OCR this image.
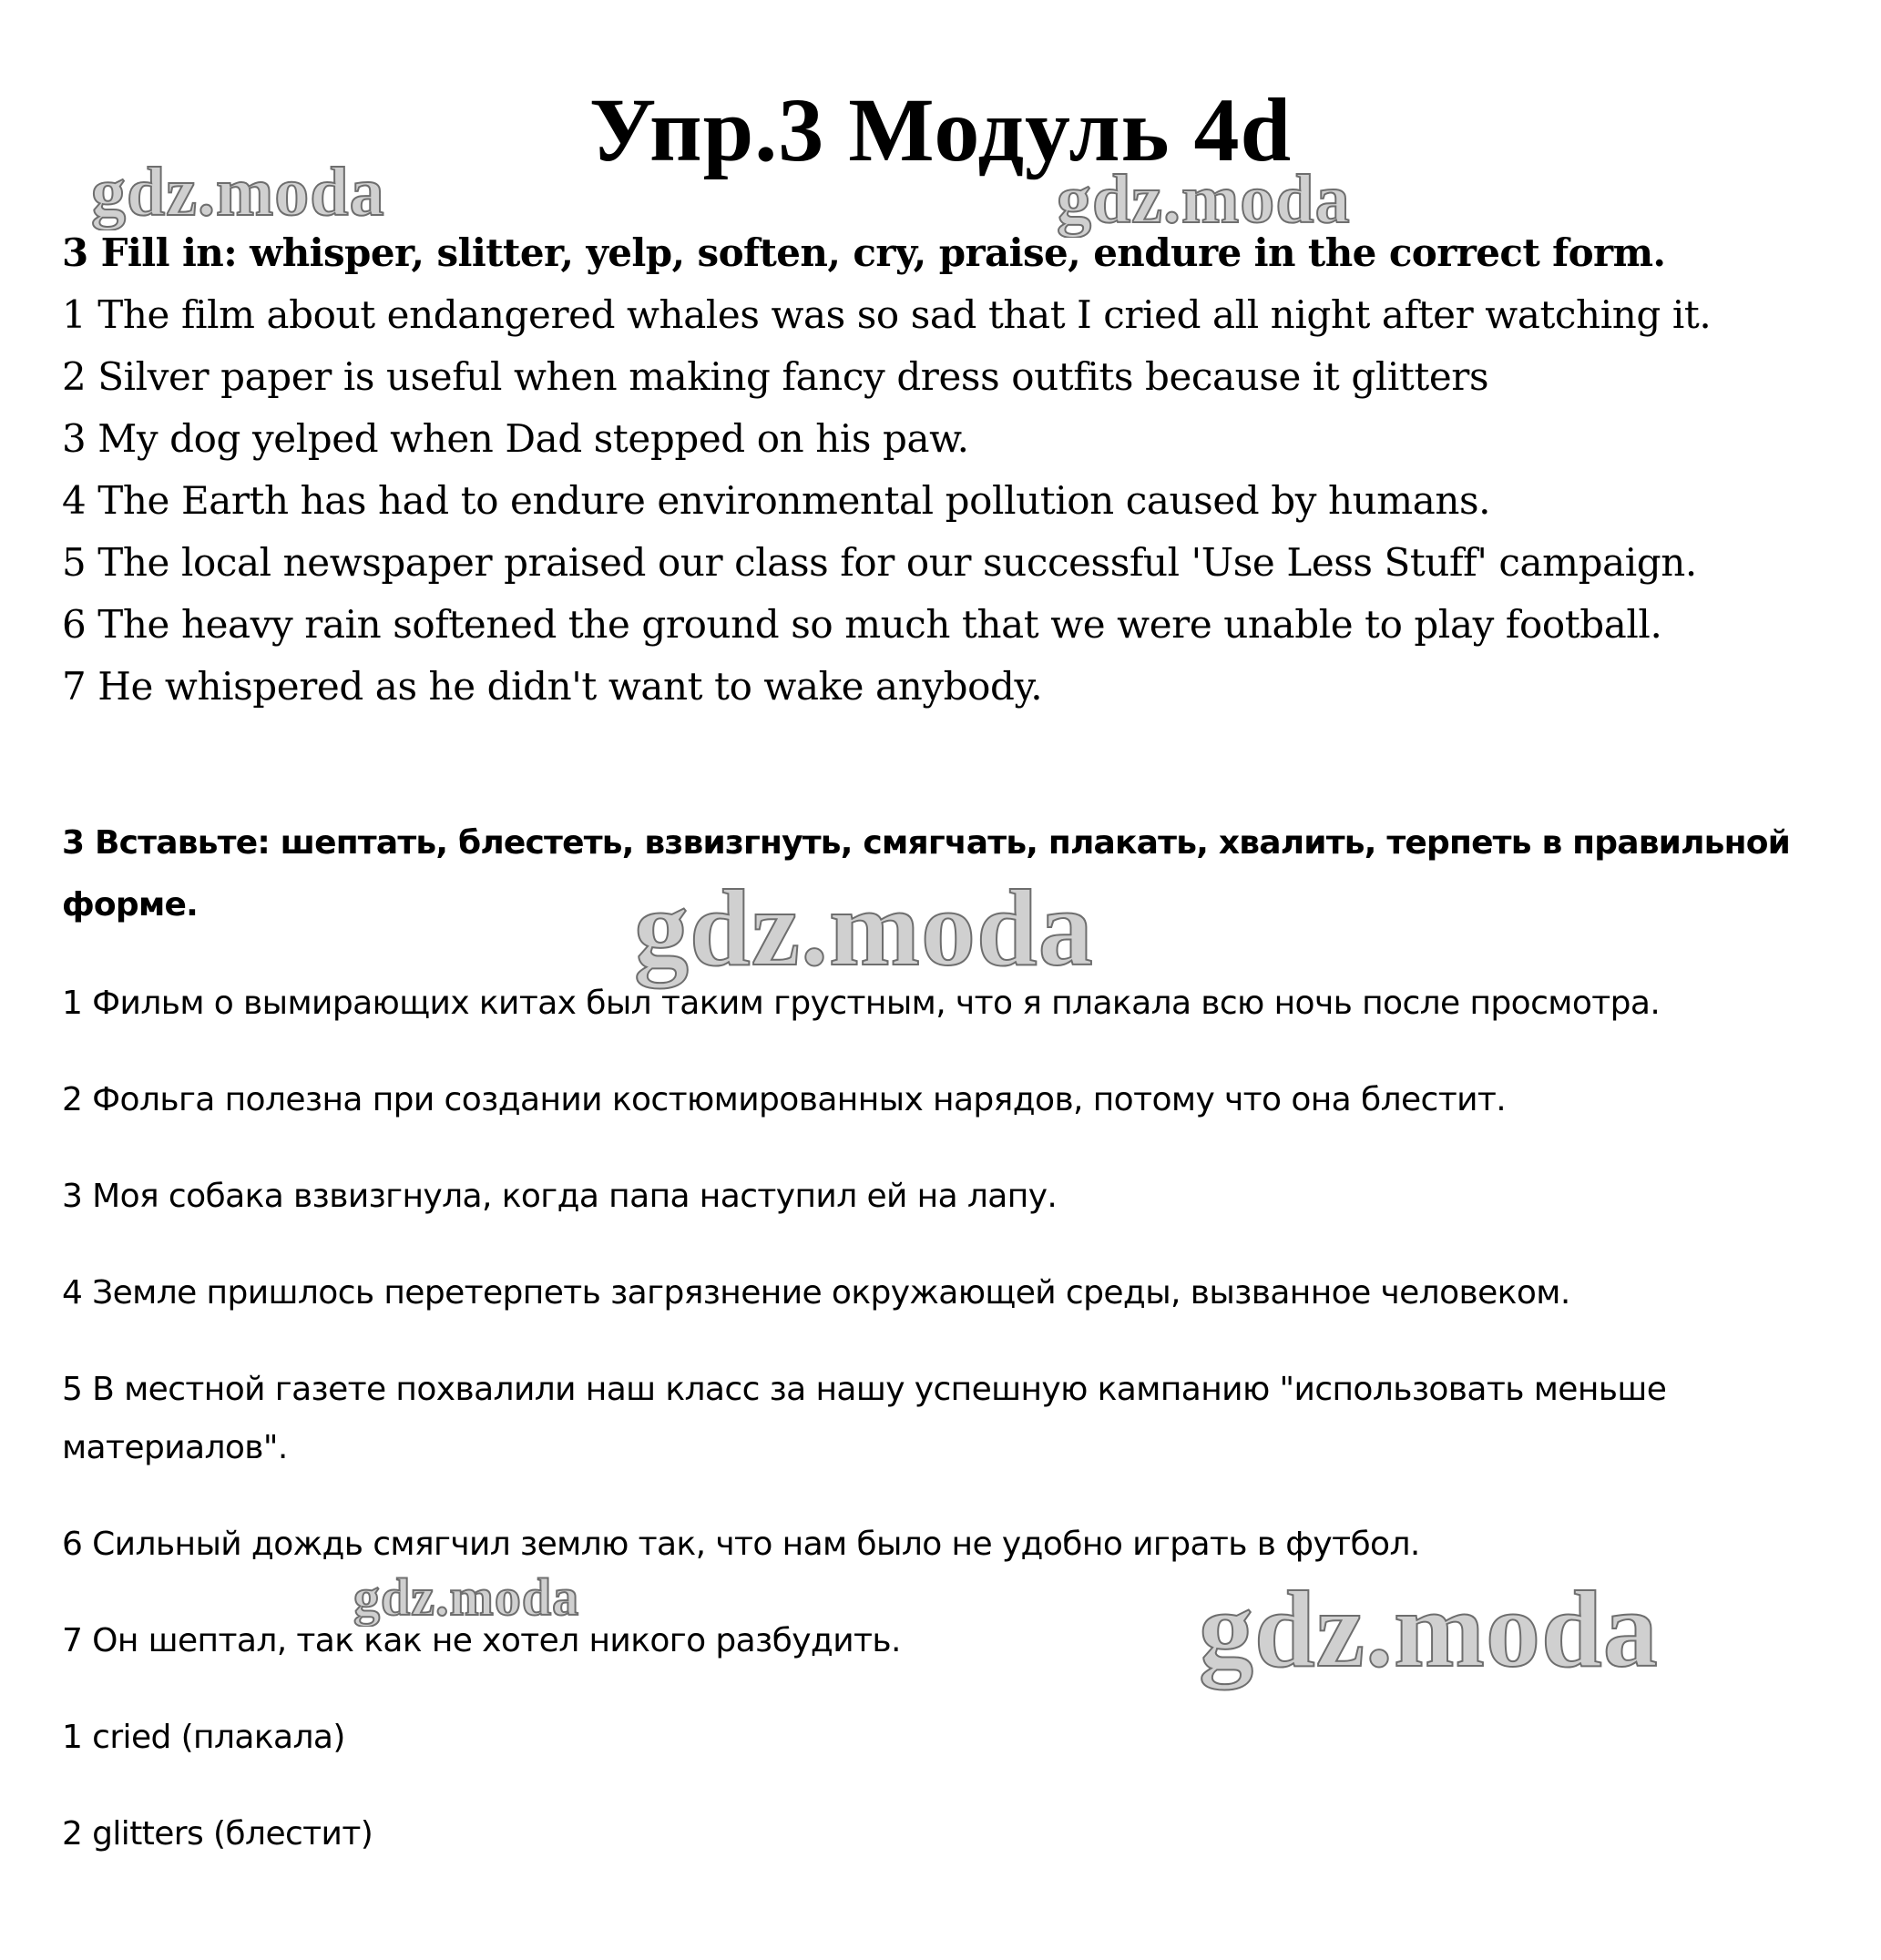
Упр.3 Модуль 4d
3 Fill in: whisper, slitter, yelp, soften, cry, praise, endure in the correct form.
1 The film about endangered whales was so sad that I cried all night after watching it.
2 Silver paper is useful when making fancy dress outfits because it glitters
3 My dog yelped when Dad stepped on his paw.
4 The Earth has had to endure environmental pollution caused by humans.
5 The local newspaper praised our class for our successful 'Use Less Stuff' campaign.
6 The heavy rain softened the ground so much that we were unable to play football.
7 He whispered as he didn't want to wake anybody.
3 Вставьте: шептать, блестеть, взвизгнуть, смягчать, плакать, хвалить, терпеть в правильной форме.
1 Фильм о вымирающих китах был таким грустным, что я плакала всю ночь после просмотра.
2 Фольга полезна при создании костюмированных нарядов, потому что она блестит.
3 Моя собака взвизгнула, когда папа наступил ей на лапу.
4 Земле пришлось перетерпеть загрязнение окружающей среды, вызванное человеком.
5 В местной газете похвалили наш класс за нашу успешную кампанию "использовать меньше материалов".
6 Сильный дождь смягчил землю так, что нам было не удобно играть в футбол.
7 Он шептал, так как не хотел никого разбудить.
1 cried (плакала)
2 glitters (блестит)
gdz.moda	gdz.moda
gdz.moda
gdz.moda	gdz.moda
